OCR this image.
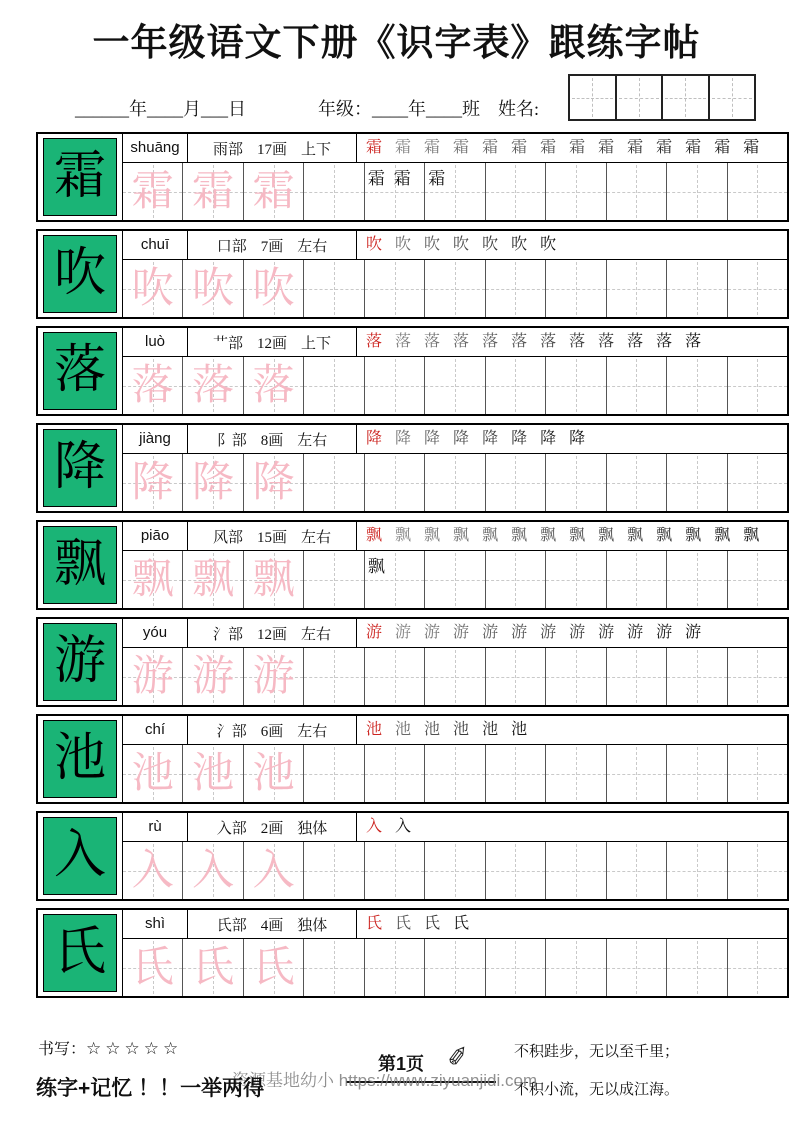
一年级语文下册《识字表》跟练字帖
______年____月___日	年级：____年____班　姓名:
霜
shuāng	雨部 17画 上下 霜 霜 霜 霜 霜 霜 霜 霜 霜 霜 霜 霜 霜 霜
霜 霜 霜	霜霜 霜
吹
chuī	口部 7画 左右 吹 吹 吹 吹 吹 吹 吹
吹 吹 吹
落
luò	艹部 12画 上下 落 落 落 落 落 落 落 落 落 落 落 落
落 落 落
降
jiàng	阝部 8画 左右 降 降 降 降 降 降 降 降
降 降 降
飘
piāo	风部 15画 左右 飘 飘 飘 飘 飘 飘 飘 飘 飘 飘 飘 飘 飘 飘
飘 飘 飘	飘
游
yóu	氵部 12画 左右 游 游 游 游 游 游 游 游 游 游 游 游
游 游 游
池
chí	氵部 6画 左右 池 池 池 池 池 池
池 池 池
入
rù	入部 2画 独体 入 入
入 入 入
氏
shì	氏部 4画 独体 氏 氏 氏 氏
氏 氏 氏
书写：☆☆☆☆☆
练字+记忆 ！！一举两得
第1页 ✐
资源基地幼小 https://www.ziyuanjidi.com
不积跬步，无以至千里；
不积小流，无以成江海。
